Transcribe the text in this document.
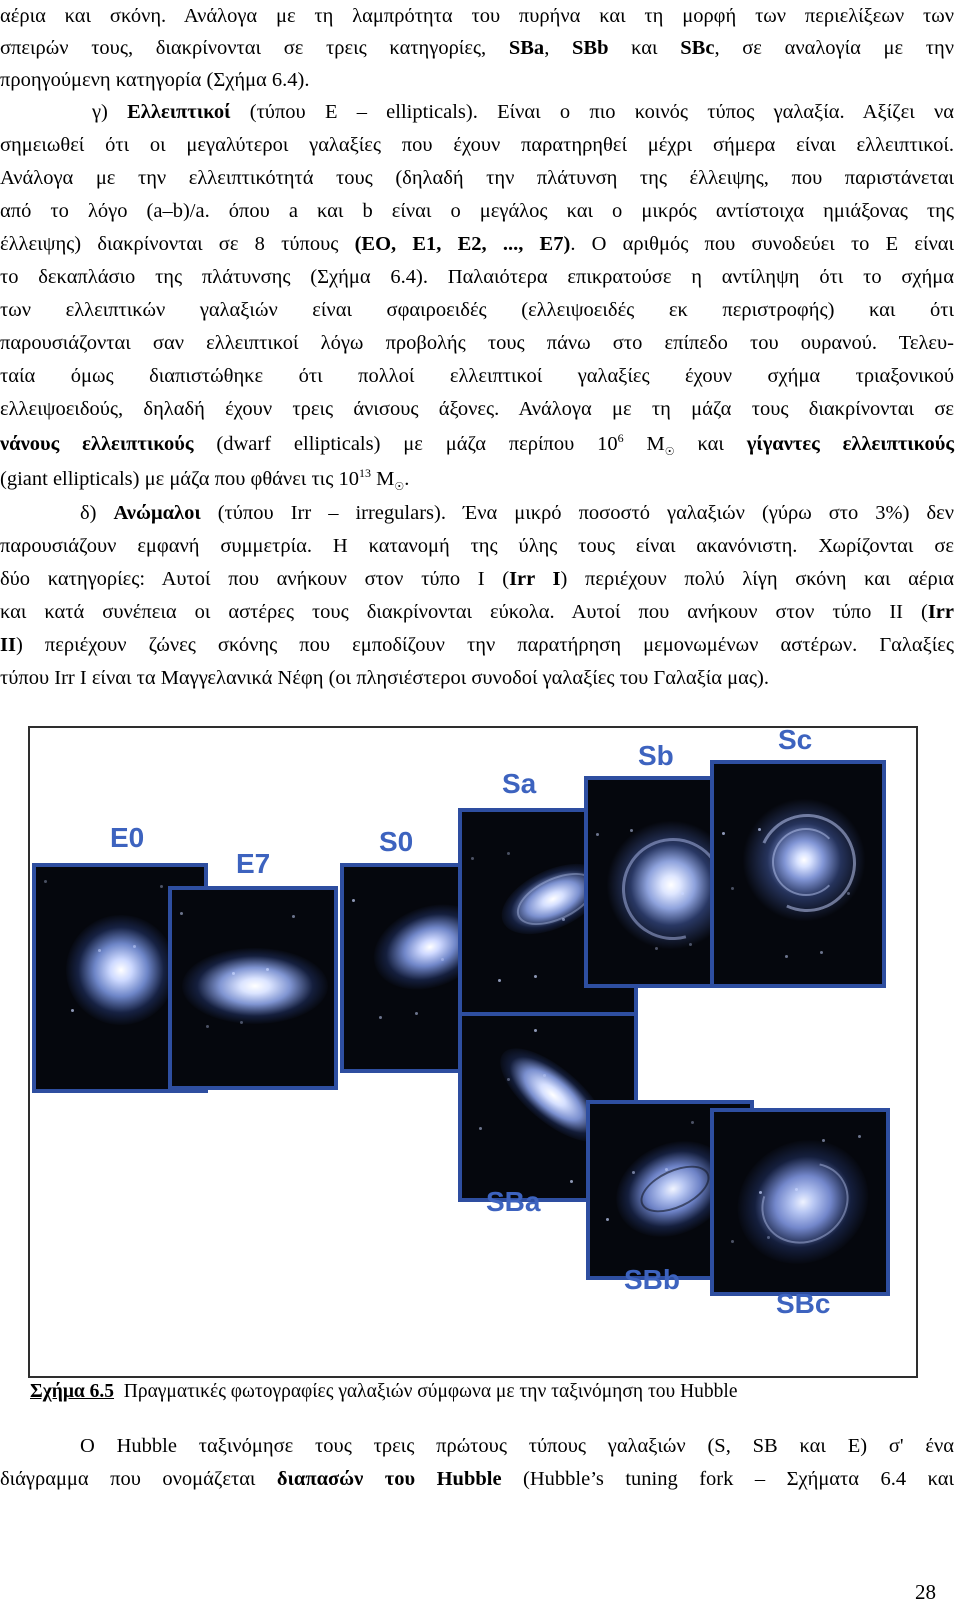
αέρια και σκόνη. Ανάλογα με τη λαμπρότητα του πυρήνα και τη μορφή των περιελίξεων των
σπειρών τους, διακρίνονται σε τρεις κατηγορίες, SBa, SBb και SBc, σε αναλογία με την
προηγούμενη κατηγορία (Σχήμα 6.4).
γ) Ελλειπτικοί (τύπου E – ellipticals). Είναι ο πιο κοινός τύπος γαλαξία. Αξίζει να
σημειωθεί ότι οι μεγαλύτεροι γαλαξίες που έχουν παρατηρηθεί μέχρι σήμερα είναι ελλειπτικοί.
Ανάλογα με την ελλειπτικότητά τους (δηλαδή την πλάτυνση της έλλειψης, που παριστάνεται
από το λόγο (a–b)/a. όπου a και b είναι ο μεγάλος και ο μικρός αντίστοιχα ημιάξονας της
έλλειψης) διακρίνονται σε 8 τύπους (EO, E1, E2, ..., E7). Ο αριθμός που συνοδεύει το E είναι
το δεκαπλάσιο της πλάτυνσης (Σχήμα 6.4). Παλαιότερα επικρατούσε η αντίληψη ότι το σχήμα
των ελλειπτικών γαλαξιών είναι σφαιροειδές (ελλειψοειδές εκ περιστροφής) και ότι
παρουσιάζονται σαν ελλειπτικοί λόγω προβολής τους πάνω στο επίπεδο του ουρανού. Τελευ-
ταία όμως διαπιστώθηκε ότι πολλοί ελλειπτικοί γαλαξίες έχουν σχήμα τριαξονικού
ελλειψοειδούς, δηλαδή έχουν τρεις άνισους άξονες. Ανάλογα με τη μάζα τους διακρίνονται σε
νάνους ελλειπτικούς (dwarf ellipticals) με μάζα περίπου $10^6$ $M_☉$ και γίγαντες ελλειπτικούς
(giant ellipticals) με μάζα που φθάνει τις $10^{13}$ $M_☉$.
δ) Ανώμαλοι (τύπου Irr – irregulars). Ένα μικρό ποσοστό γαλαξιών (γύρω στο 3%) δεν
παρουσιάζουν εμφανή συμμετρία. Η κατανομή της ύλης τους είναι ακανόνιστη. Χωρίζονται σε
δύο κατηγορίες: Αυτοί που ανήκουν στον τύπο Ι (Irr I) περιέχουν πολύ λίγη σκόνη και αέρια
και κατά συνέπεια οι αστέρες τους διακρίνονται εύκολα. Αυτοί που ανήκουν στον τύπο ΙΙ (Irr
II) περιέχουν ζώνες σκόνης που εμποδίζουν την παρατήρηση μεμονωμένων αστέρων. Γαλαξίες
τύπου Irr I είναι τα Μαγγελανικά Νέφη (οι πλησιέστεροι συνοδοί γαλαξίες του Γαλαξία μας).
E0
E7
S0
Sa
Sb
Sc
SBa
SBb
SBc
Σχήμα 6.5 Πραγματικές φωτογραφίες γαλαξιών σύμφωνα με την ταξινόμηση του Hubble
Ο Hubble ταξινόμησε τους τρεις πρώτους τύπους γαλαξιών (S, SB και E) σ' ένα
διάγραμμα που ονομάζεται διαπασών του Hubble (Hubble’s tuning fork – Σχήματα 6.4 και
28
